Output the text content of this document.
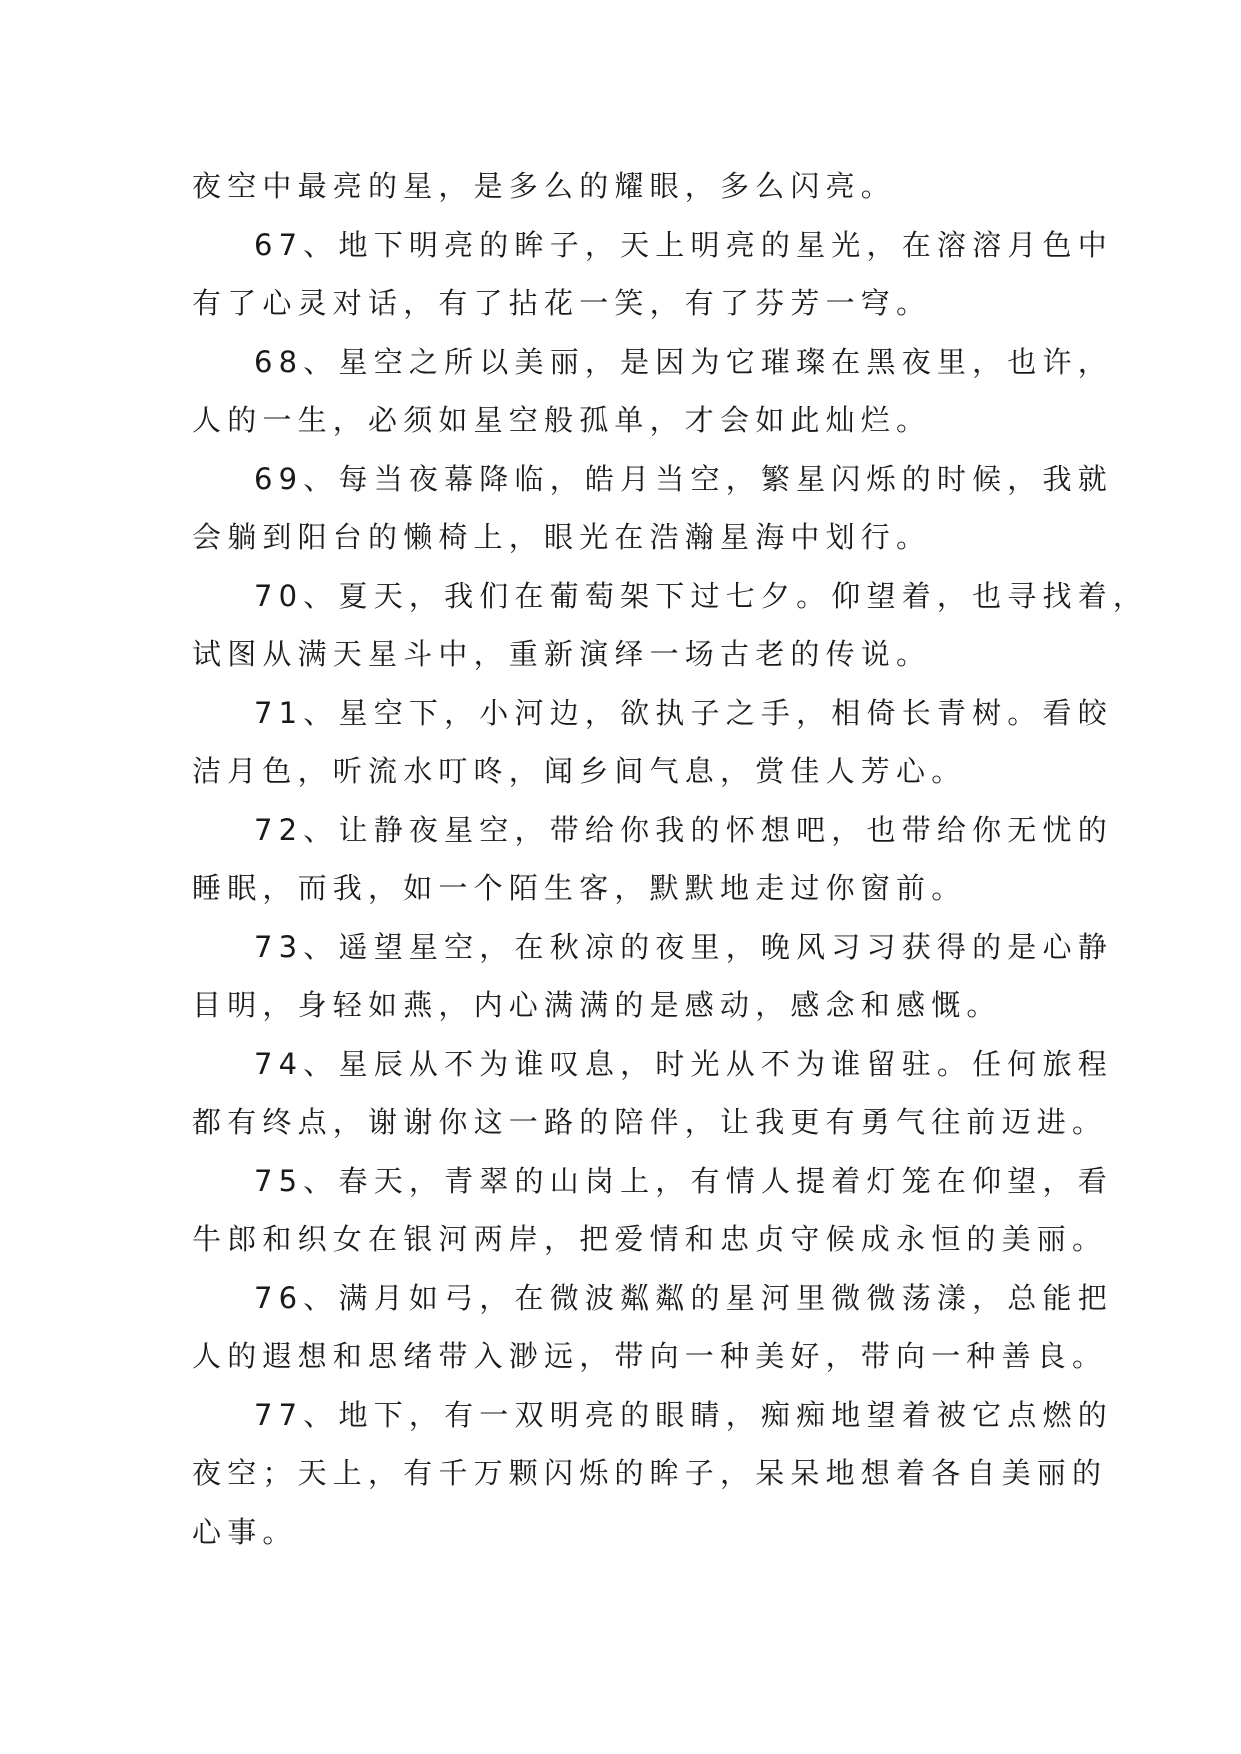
夜空中最亮的星，是多么的耀眼，多么闪亮。
67、地下明亮的眸子，天上明亮的星光，在溶溶月色中
有了心灵对话，有了拈花一笑，有了芬芳一穹。
68、星空之所以美丽，是因为它璀璨在黑夜里，也许，
人的一生，必须如星空般孤单，才会如此灿烂。
69、每当夜幕降临，皓月当空，繁星闪烁的时候，我就
会躺到阳台的懒椅上，眼光在浩瀚星海中划行。
70、夏天，我们在葡萄架下过七夕。仰望着，也寻找着，
试图从满天星斗中，重新演绎一场古老的传说。
71、星空下，小河边，欲执子之手，相倚长青树。看皎
洁月色，听流水叮咚，闻乡间气息，赏佳人芳心。
72、让静夜星空，带给你我的怀想吧，也带给你无忧的
睡眠，而我，如一个陌生客，默默地走过你窗前。
73、遥望星空，在秋凉的夜里，晚风习习获得的是心静
目明，身轻如燕，内心满满的是感动，感念和感慨。
74、星辰从不为谁叹息，时光从不为谁留驻。任何旅程
都有终点，谢谢你这一路的陪伴，让我更有勇气往前迈进。
75、春天，青翠的山岗上，有情人提着灯笼在仰望，看
牛郎和织女在银河两岸，把爱情和忠贞守候成永恒的美丽。
76、满月如弓，在微波粼粼的星河里微微荡漾，总能把
人的遐想和思绪带入渺远，带向一种美好，带向一种善良。
77、地下，有一双明亮的眼睛，痴痴地望着被它点燃的
夜空；天上，有千万颗闪烁的眸子，呆呆地想着各自美丽的
心事。
